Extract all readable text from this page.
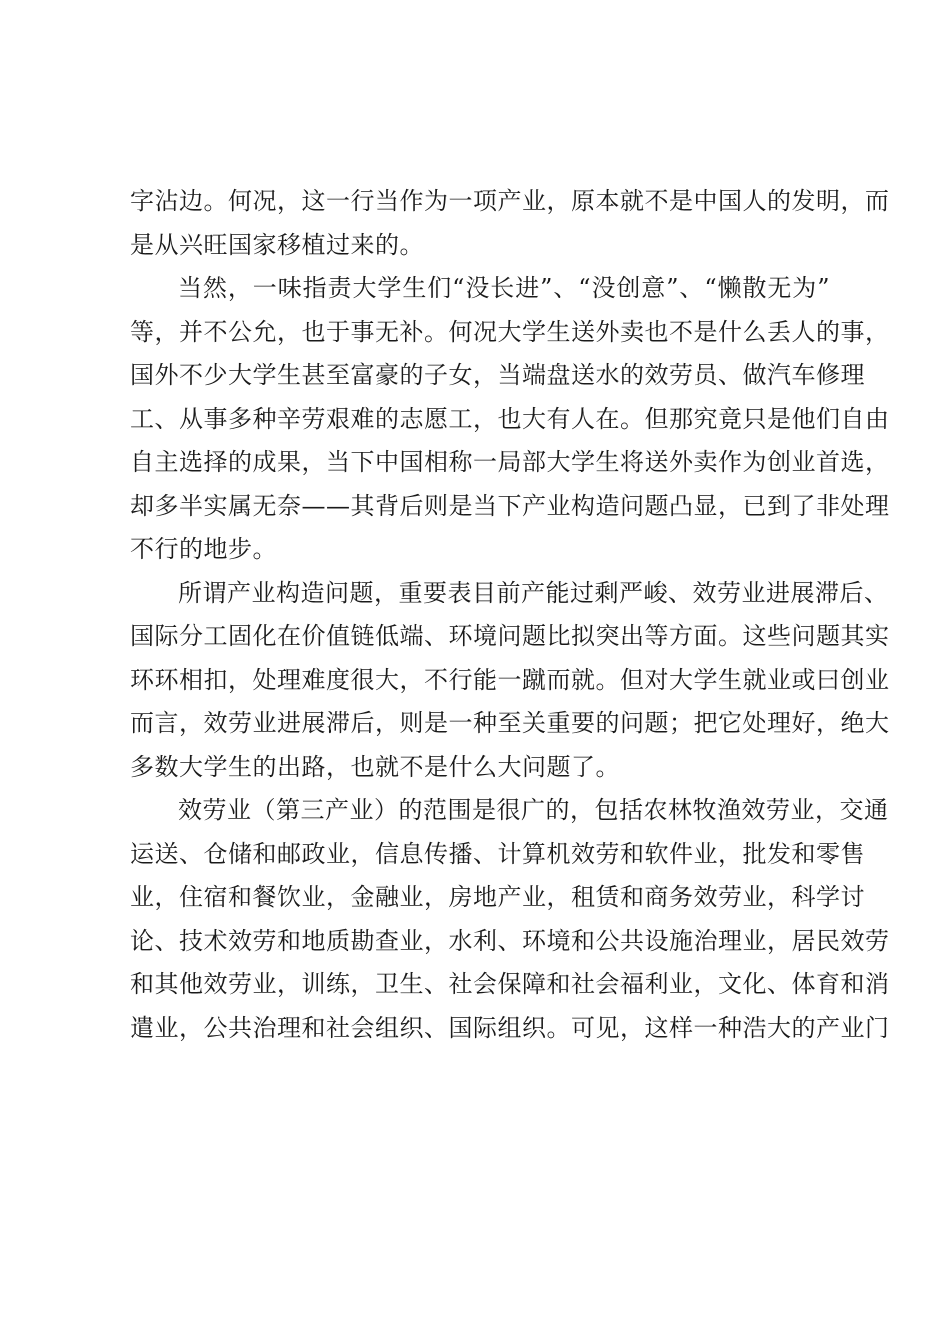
字沾边。何况，这一行当作为一项产业，原本就不是中国人的发明，而
是从兴旺国家移植过来的。
当然，一味指责大学生们“没长进”、“没创意”、“懒散无为”
等，并不公允，也于事无补。何况大学生送外卖也不是什么丢人的事，
国外不少大学生甚至富豪的子女，当端盘送水的效劳员、做汽车修理
工、从事多种辛劳艰难的志愿工，也大有人在。但那究竟只是他们自由
自主选择的成果，当下中国相称一局部大学生将送外卖作为创业首选，
却多半实属无奈——其背后则是当下产业构造问题凸显，已到了非处理
不行的地步。
所谓产业构造问题，重要表目前产能过剩严峻、效劳业进展滞后、
国际分工固化在价值链低端、环境问题比拟突出等方面。这些问题其实
环环相扣，处理难度很大，不行能一蹴而就。但对大学生就业或曰创业
而言，效劳业进展滞后，则是一种至关重要的问题；把它处理好，绝大
多数大学生的出路，也就不是什么大问题了。
效劳业（第三产业）的范围是很广的，包括农林牧渔效劳业，交通
运送、仓储和邮政业，信息传播、计算机效劳和软件业，批发和零售
业，住宿和餐饮业，金融业，房地产业，租赁和商务效劳业，科学讨
论、技术效劳和地质勘查业，水利、环境和公共设施治理业，居民效劳
和其他效劳业，训练，卫生、社会保障和社会福利业，文化、体育和消
遣业，公共治理和社会组织、国际组织。可见，这样一种浩大的产业门
